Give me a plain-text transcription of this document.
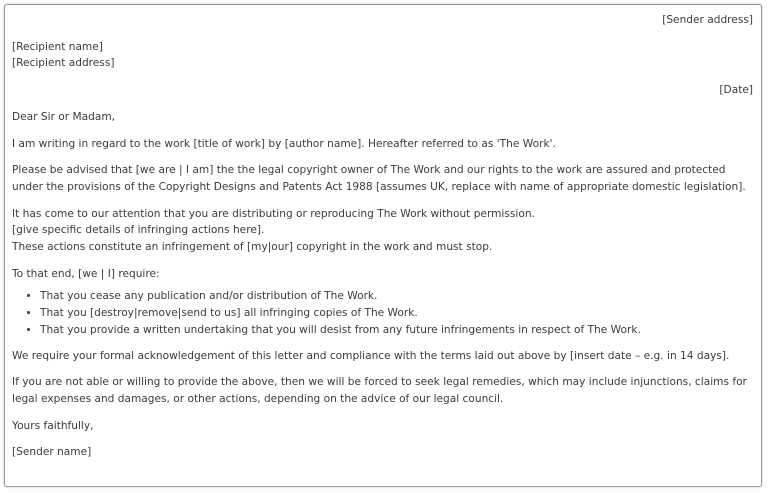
[Sender address]
[Recipient name]
[Recipient address]
[Date]
Dear Sir or Madam,
I am writing in regard to the work [title of work] by [author name]. Hereafter referred to as 'The Work'.
Please be advised that [we are | I am] the the legal copyright owner of The Work and our rights to the work are assured and protected under the provisions of the Copyright Designs and Patents Act 1988 [assumes UK, replace with name of appropriate domestic legislation].
It has come to our attention that you are distributing or reproducing The Work without permission.
[give specific details of infringing actions here].
These actions constitute an infringement of [my|our] copyright in the work and must stop.
To that end, [we | I] require:
• That you cease any publication and/or distribution of The Work.
• That you [destroy|remove|send to us] all infringing copies of The Work.
• That you provide a written undertaking that you will desist from any future infringements in respect of The Work.
We require your formal acknowledgement of this letter and compliance with the terms laid out above by [insert date – e.g. in 14 days].
If you are not able or willing to provide the above, then we will be forced to seek legal remedies, which may include injunctions, claims for legal expenses and damages, or other actions, depending on the advice of our legal council.
Yours faithfully,
[Sender name]
